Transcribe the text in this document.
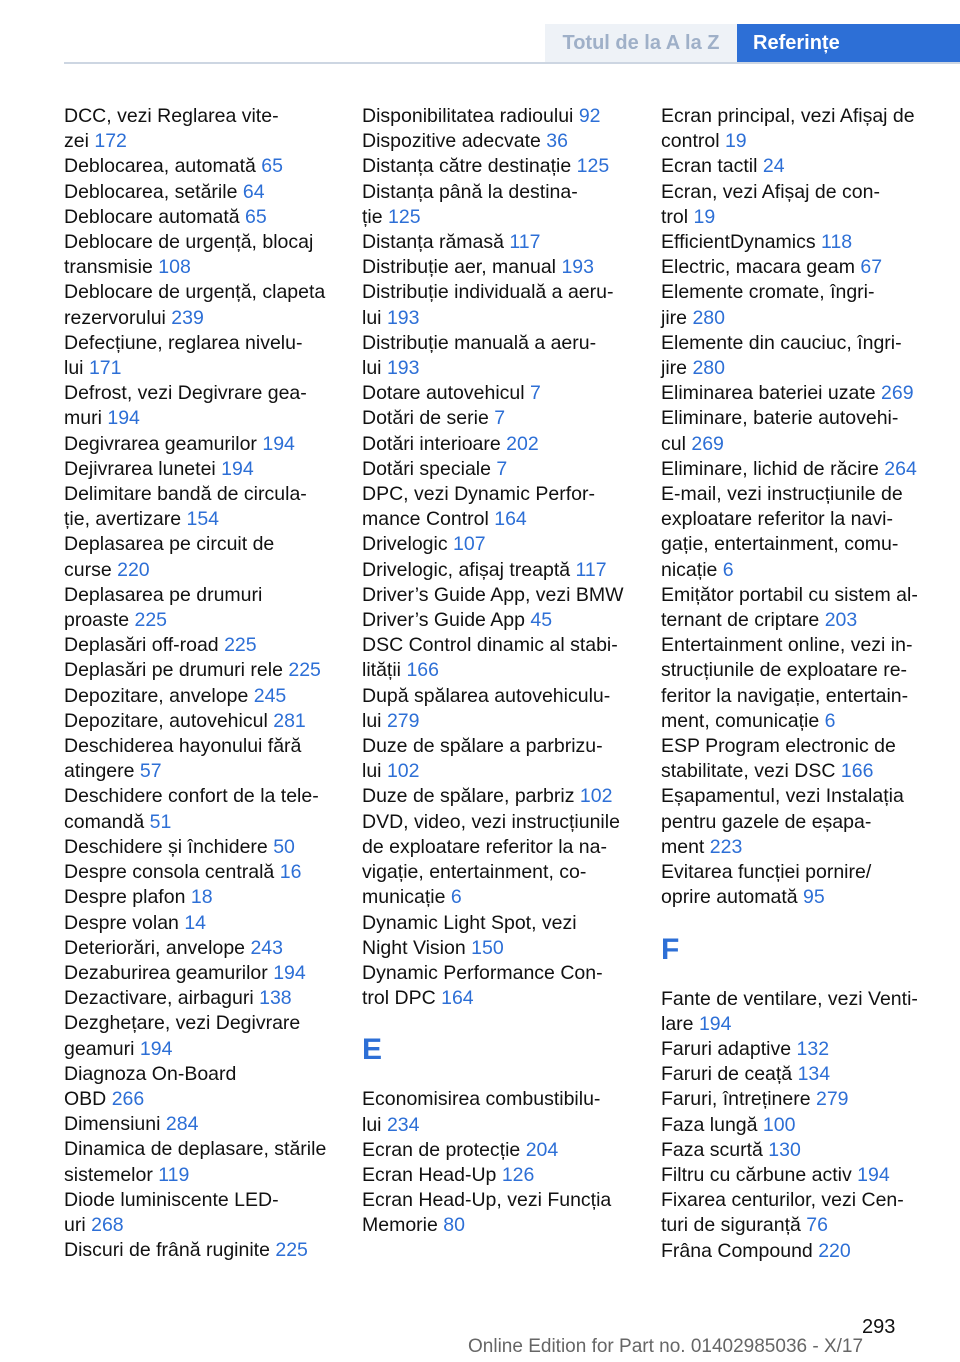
Totul de la A la Z	Referințe
DCC, vezi Reglarea vite-
zei 172
Deblocarea, automată 65
Deblocarea, setările 64
Deblocare automată 65
Deblocare de urgență, blocaj
transmisie 108
Deblocare de urgență, clapeta
rezervorului 239
Defecțiune, reglarea nivelu-
lui 171
Defrost, vezi Degivrare gea-
muri 194
Degivrarea geamurilor 194
Dejivrarea lunetei 194
Delimitare bandă de circula-
ție, avertizare 154
Deplasarea pe circuit de
curse 220
Deplasarea pe drumuri
proaste 225
Deplasări off-road 225
Deplasări pe drumuri rele 225
Depozitare, anvelope 245
Depozitare, autovehicul 281
Deschiderea hayonului fără
atingere 57
Deschidere confort de la tele-
comandă 51
Deschidere și închidere 50
Despre consola centrală 16
Despre plafon 18
Despre volan 14
Deteriorări, anvelope 243
Dezaburirea geamurilor 194
Dezactivare, airbaguri 138
Dezghețare, vezi Degivrare
geamuri 194
Diagnoza On-Board
OBD 266
Dimensiuni 284
Dinamica de deplasare, stările
sistemelor 119
Diode luminiscente LED-
uri 268
Discuri de frână ruginite 225
Disponibilitatea radioului 92
Dispozitive adecvate 36
Distanța către destinație 125
Distanța până la destina-
ție 125
Distanța rămasă 117
Distribuție aer, manual 193
Distribuție individuală a aeru-
lui 193
Distribuție manuală a aeru-
lui 193
Dotare autovehicul 7
Dotări de serie 7
Dotări interioare 202
Dotări speciale 7
DPC, vezi Dynamic Perfor-
mance Control 164
Drivelogic 107
Drivelogic, afișaj treaptă 117
Driver’s Guide App, vezi BMW
Driver’s Guide App 45
DSC Control dinamic al stabi-
lității 166
După spălarea autovehiculu-
lui 279
Duze de spălare a parbrizu-
lui 102
Duze de spălare, parbriz 102
DVD, video, vezi instrucțiunile
de exploatare referitor la na-
vigație, entertainment, co-
municație 6
Dynamic Light Spot, vezi
Night Vision 150
Dynamic Performance Con-
trol DPC 164
E
Economisirea combustibilu-
lui 234
Ecran de protecție 204
Ecran Head-Up 126
Ecran Head-Up, vezi Funcția
Memorie 80
Ecran principal, vezi Afișaj de
control 19
Ecran tactil 24
Ecran, vezi Afișaj de con-
trol 19
EfficientDynamics 118
Electric, macara geam 67
Elemente cromate, îngri-
jire 280
Elemente din cauciuc, îngri-
jire 280
Eliminarea bateriei uzate 269
Eliminare, baterie autovehi-
cul 269
Eliminare, lichid de răcire 264
E-mail, vezi instrucțiunile de
exploatare referitor la navi-
gație, entertainment, comu-
nicație 6
Emițător portabil cu sistem al-
ternant de criptare 203
Entertainment online, vezi in-
strucțiunile de exploatare re-
feritor la navigație, entertain-
ment, comunicație 6
ESP Program electronic de
stabilitate, vezi DSC 166
Eșapamentul, vezi Instalația
pentru gazele de eșapa-
ment 223
Evitarea funcției pornire/
oprire automată 95
F
Fante de ventilare, vezi Venti-
lare 194
Faruri adaptive 132
Faruri de ceață 134
Faruri, întreținere 279
Faza lungă 100
Faza scurtă 130
Filtru cu cărbune activ 194
Fixarea centurilor, vezi Cen-
turi de siguranță 76
Frâna Compound 220
293
Online Edition for Part no. 01402985036 - X/17
